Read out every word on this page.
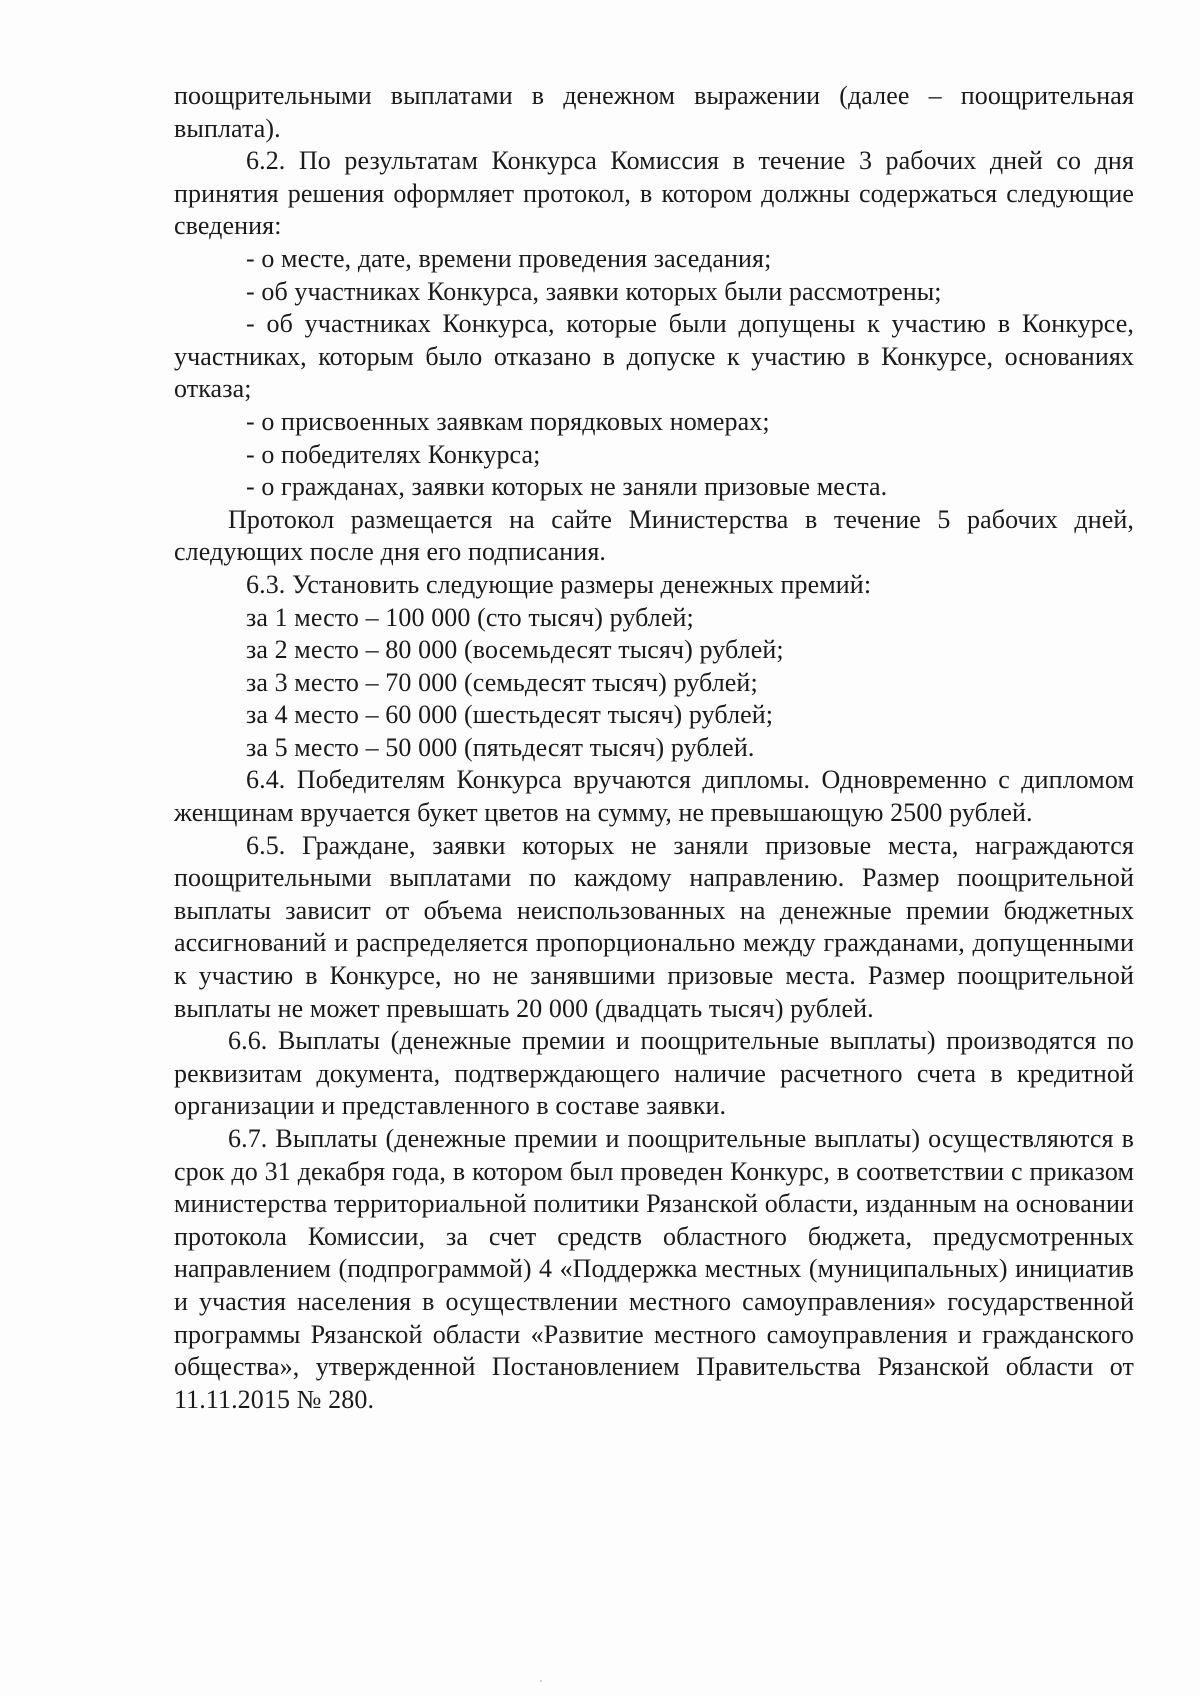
поощрительными выплатами в денежном выражении (далее – поощрительная выплата).

6.2. По результатам Конкурса Комиссия в течение 3 рабочих дней со дня принятия решения оформляет протокол, в котором должны содержаться следующие сведения:

- о месте, дате, времени проведения заседания;

- об участниках Конкурса, заявки которых были рассмотрены;

- об участниках Конкурса, которые были допущены к участию в Конкурсе, участниках, которым было отказано в допуске к участию в Конкурсе, основаниях отказа;

- о присвоенных заявкам порядковых номерах;

- о победителях Конкурса;

- о гражданах, заявки которых не заняли призовые места.

Протокол размещается на сайте Министерства в течение 5 рабочих дней, следующих после дня его подписания.

6.3. Установить следующие размеры денежных премий:

за 1 место – 100 000 (сто тысяч) рублей;

за 2 место – 80 000 (восемьдесят тысяч) рублей;

за 3 место – 70 000 (семьдесят тысяч) рублей;

за 4 место – 60 000 (шестьдесят тысяч) рублей;

за 5 место – 50 000 (пятьдесят тысяч) рублей.

6.4. Победителям Конкурса вручаются дипломы. Одновременно с дипломом женщинам вручается букет цветов на сумму, не превышающую 2500 рублей.

6.5. Граждане, заявки которых не заняли призовые места, награждаются поощрительными выплатами по каждому направлению. Размер поощрительной выплаты зависит от объема неиспользованных на денежные премии бюджетных ассигнований и распределяется пропорционально между гражданами, допущенными к участию в Конкурсе, но не занявшими призовые места. Размер поощрительной выплаты не может превышать 20 000 (двадцать тысяч) рублей.

6.6. Выплаты (денежные премии и поощрительные выплаты) производятся по реквизитам документа, подтверждающего наличие расчетного счета в кредитной организации и представленного в составе заявки.

6.7. Выплаты (денежные премии и поощрительные выплаты) осуществляются в срок до 31 декабря года, в котором был проведен Конкурс, в соответствии с приказом министерства территориальной политики Рязанской области, изданным на основании протокола Комиссии, за счет средств областного бюджета, предусмотренных направлением (подпрограммой) 4 «Поддержка местных (муниципальных) инициатив и участия населения в осуществлении местного самоуправления» государственной программы Рязанской области «Развитие местного самоуправления и гражданского общества», утвержденной Постановлением Правительства Рязанской области от 11.11.2015 № 280.
